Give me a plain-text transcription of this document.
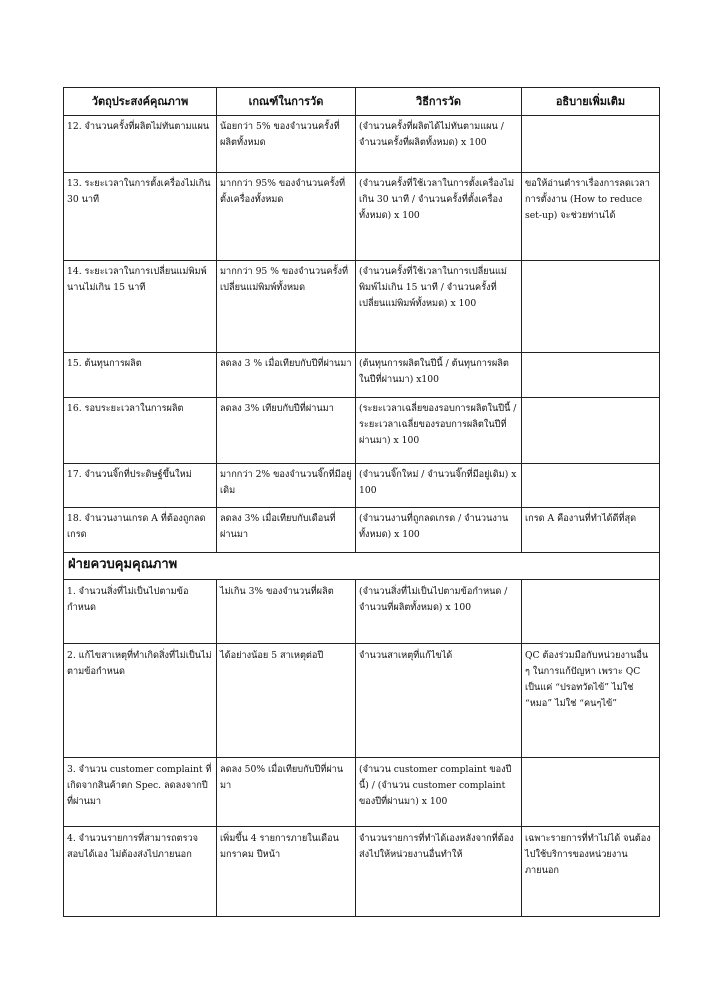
วัตถุประสงค์คุณภาพ	เกณฑ์ในการวัด	วิธีการวัด	อธิบายเพิ่มเติม
12. จำนวนครั้งที่ผลิตไม่ทันตามแผน	น้อยกว่า 5% ของจำนวนครั้งที่ผลิตทั้งหมด	(จำนวนครั้งที่ผลิตได้ไม่ทันตามแผน / จำนวนครั้งที่ผลิตทั้งหมด) x 100	
13. ระยะเวลาในการตั้งเครื่องไม่เกิน 30 นาที	มากกว่า 95% ของจำนวนครั้งที่ตั้งเครื่องทั้งหมด	(จำนวนครั้งที่ใช้เวลาในการตั้งเครื่องไม่เกิน 30 นาที / จำนวนครั้งที่ตั้งเครื่องทั้งหมด) x 100	ขอให้อ่านตำราเรื่องการลดเวลาการตั้งงาน (How to reduce set-up) จะช่วยท่านได้
14. ระยะเวลาในการเปลี่ยนแม่พิมพ์นานไม่เกิน 15 นาที	มากกว่า 95 % ของจำนวนครั้งที่เปลี่ยนแม่พิมพ์ทั้งหมด	(จำนวนครั้งที่ใช้เวลาในการเปลี่ยนแม่พิมพ์ไม่เกิน 15 นาที / จำนวนครั้งที่เปลี่ยนแม่พิมพ์ทั้งหมด) x 100	
15. ต้นทุนการผลิต	ลดลง 3 % เมื่อเทียบกับปีที่ผ่านมา	(ต้นทุนการผลิตในปีนี้ / ต้นทุนการผลิตในปีที่ผ่านมา) x100	
16. รอบระยะเวลาในการผลิต	ลดลง 3% เทียบกับปีที่ผ่านมา	(ระยะเวลาเฉลี่ยของรอบการผลิตในปีนี้ / ระยะเวลาเฉลี่ยของรอบการผลิตในปีที่ผ่านมา) x 100	
17. จำนวนจิ๊กที่ประดิษฐ์ขึ้นใหม่	มากกว่า 2% ของจำนวนจิ๊กที่มีอยู่เดิม	(จำนวนจิ๊กใหม่ / จำนวนจิ๊กที่มีอยู่เดิม) x 100	
18. จำนวนงานเกรด A ที่ต้องถูกลดเกรด	ลดลง 3% เมื่อเทียบกับเดือนที่ผ่านมา	(จำนวนงานที่ถูกลดเกรด / จำนวนงานทั้งหมด) x 100	เกรด A คืองานที่ทำได้ดีที่สุด
ฝ่ายควบคุมคุณภาพ			
1. จำนวนสิ่งที่ไม่เป็นไปตามข้อกำหนด	ไม่เกิน 3% ของจำนวนที่ผลิต	(จำนวนสิ่งที่ไม่เป็นไปตามข้อกำหนด / จำนวนที่ผลิตทั้งหมด) x 100	
2. แก้ไขสาเหตุที่ทำเกิดสิ่งที่ไม่เป็นไม่ตามข้อกำหนด	ได้อย่างน้อย 5 สาเหตุต่อปี	จำนวนสาเหตุที่แก้ไขได้	QC ต้องร่วมมือกับหน่วยงานอื่น ๆ ในการแก้ปัญหา เพราะ QC เป็นแค่ “ปรอทวัดไข้” ไม่ใช่ “หมอ” ไม่ใช่ “คนๆไข้”
3. จำนวน customer complaint ที่เกิดจากสินค้าตก Spec. ลดลงจากปีที่ผ่านมา	ลดลง 50% เมื่อเทียบกับปีที่ผ่านมา	(จำนวน customer complaint ของปีนี้) / (จำนวน customer complaint ของปีที่ผ่านมา) x 100	
4. จำนวนรายการที่สามารถตรวจสอบได้เอง ไม่ต้องส่งไปภายนอก	เพิ่มขึ้น 4 รายการภายในเดือนมกราคม ปีหน้า	จำนวนรายการที่ทำได้เองหลังจากที่ต้องส่งไปให้หน่วยงานอื่นทำให้	เฉพาะรายการที่ทำไม่ได้ จนต้องไปใช้บริการของหน่วยงานภายนอก
